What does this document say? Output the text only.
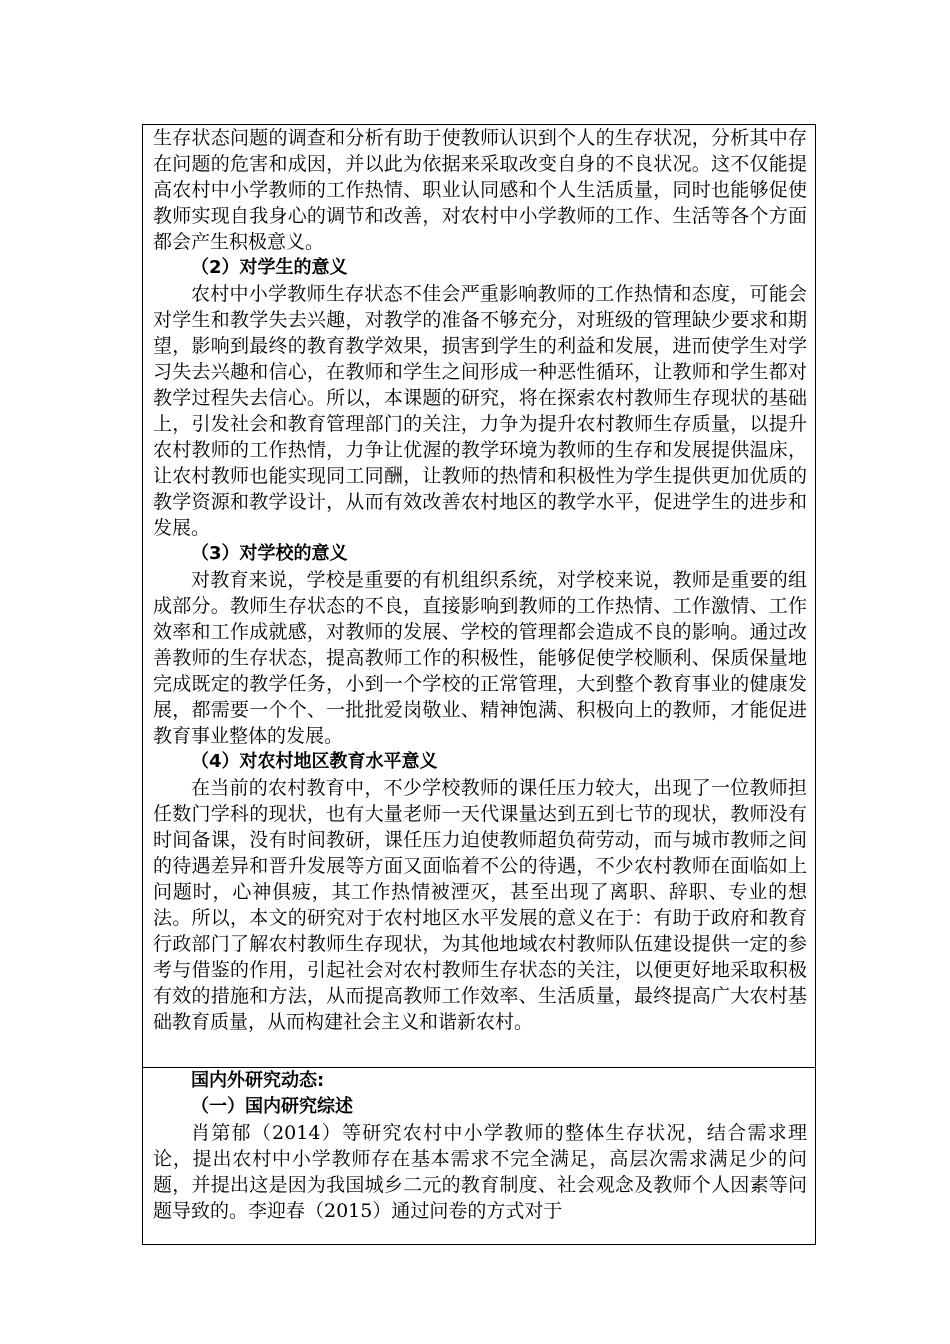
生存状态问题的调查和分析有助于使教师认识到个人的生存状况，分析其中存在问题的危害和成因，并以此为依据来采取改变自身的不良状况。这不仅能提高农村中小学教师的工作热情、职业认同感和个人生活质量，同时也能够促使教师实现自我身心的调节和改善，对农村中小学教师的工作、生活等各个方面都会产生积极意义。

（2）对学生的意义

农村中小学教师生存状态不佳会严重影响教师的工作热情和态度，可能会对学生和教学失去兴趣，对教学的准备不够充分，对班级的管理缺少要求和期望，影响到最终的教育教学效果，损害到学生的利益和发展，进而使学生对学习失去兴趣和信心，在教师和学生之间形成一种恶性循环，让教师和学生都对教学过程失去信心。所以，本课题的研究，将在探索农村教师生存现状的基础上，引发社会和教育管理部门的关注，力争为提升农村教师生存质量，以提升农村教师的工作热情，力争让优渥的教学环境为教师的生存和发展提供温床，让农村教师也能实现同工同酬，让教师的热情和积极性为学生提供更加优质的教学资源和教学设计，从而有效改善农村地区的教学水平，促进学生的进步和发展。

（3）对学校的意义

对教育来说，学校是重要的有机组织系统，对学校来说，教师是重要的组成部分。教师生存状态的不良，直接影响到教师的工作热情、工作激情、工作效率和工作成就感，对教师的发展、学校的管理都会造成不良的影响。通过改善教师的生存状态，提高教师工作的积极性，能够促使学校顺利、保质保量地完成既定的教学任务，小到一个学校的正常管理，大到整个教育事业的健康发展，都需要一个个、一批批爱岗敬业、精神饱满、积极向上的教师，才能促进教育事业整体的发展。

（4）对农村地区教育水平意义

在当前的农村教育中，不少学校教师的课任压力较大，出现了一位教师担任数门学科的现状，也有大量老师一天代课量达到五到七节的现状，教师没有时间备课，没有时间教研，课任压力迫使教师超负荷劳动，而与城市教师之间的待遇差异和晋升发展等方面又面临着不公的待遇，不少农村教师在面临如上问题时，心神俱疲，其工作热情被湮灭，甚至出现了离职、辞职、专业的想法。所以，本文的研究对于农村地区水平发展的意义在于：有助于政府和教育行政部门了解农村教师生存现状，为其他地域农村教师队伍建设提供一定的参考与借鉴的作用，引起社会对农村教师生存状态的关注，以便更好地采取积极有效的措施和方法，从而提高教师工作效率、生活质量，最终提高广大农村基础教育质量，从而构建社会主义和谐新农村。

国内外研究动态:

（一）国内研究综述

肖第郁（2014）等研究农村中小学教师的整体生存状况，结合需求理论，提出农村中小学教师存在基本需求不完全满足，高层次需求满足少的问题，并提出这是因为我国城乡二元的教育制度、社会观念及教师个人因素等问题导致的。李迎春（2015）通过问卷的方式对于
